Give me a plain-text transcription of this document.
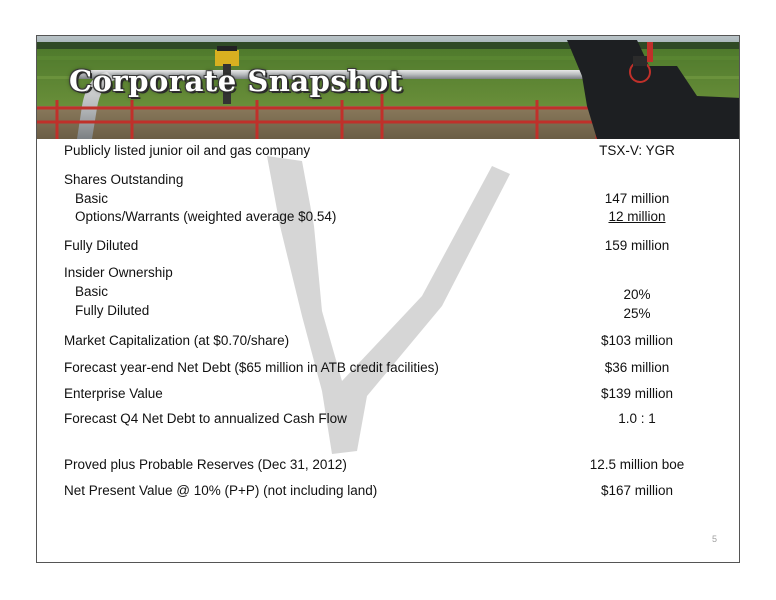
Corporate Snapshot
Publicly listed junior oil and gas company	TSX-V: YGR
Shares Outstanding
Basic	147 million
Options/Warrants (weighted average $0.54)	12 million
Fully Diluted	159 million
Insider Ownership
Basic	20%
Fully Diluted	25%
Market Capitalization (at $0.70/share)	$103 million
Forecast year-end Net Debt ($65 million in ATB credit facilities)	$36 million
Enterprise Value	$139 million
Forecast Q4 Net Debt to annualized Cash Flow	1.0 : 1
Proved plus Probable Reserves (Dec 31, 2012)	12.5 million boe
Net Present Value @ 10% (P+P) (not including land)	$167 million
5
